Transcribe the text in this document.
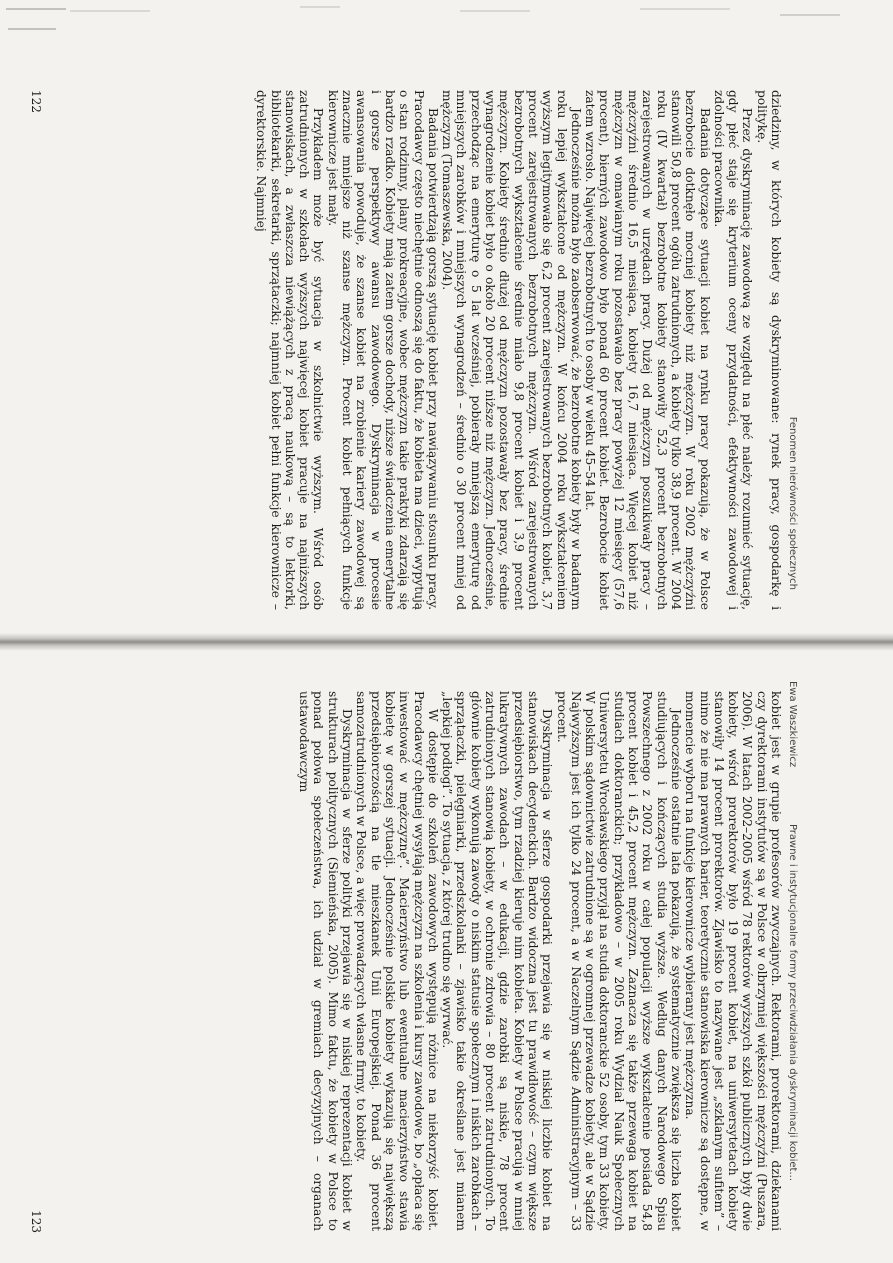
Fenomen nierówności społecznych

dziedziny, w których kobiety są dyskryminowane: rynek pracy, gospodarkę i politykę.

Przez dyskryminację zawodową ze względu na płeć należy rozumieć sytuację, gdy płeć staje się kryterium oceny przydatności, efektywności zawodowej i zdolności pracownika.

Badania dotyczące sytuacji kobiet na rynku pracy pokazują, że w Polsce bezrobocie dotknęło mocniej kobiety niż mężczyzn. W roku 2002 mężczyźni stanowili 50,8 procent ogółu zatrudnionych, a kobiety tylko 38,9 procent. W 2004 roku (IV kwartał) bezrobotne kobiety stanowiły 52,3 procent bezrobotnych zarejestrowanych w urzędach pracy. Dużej od mężczyzn poszukiwały pracy – mężczyźni średnio 16,5 miesiąca, kobiety 16,7 miesiąca. Więcej kobiet niż mężczyzn w omawianym roku pozostawało bez pracy powyżej 12 miesięcy (57,6 procent), bierných zawodowo było ponad 60 procent kobiet. Bezrobocie kobiet zatem wzrosło. Najwięcej bezrobotnych to osoby w wieku 45–54 lat.

Jednocześnie można było zaobserwować, że bezrobotne kobiety były w badanym roku lepiej wykształcone od mężczyzn. W końcu 2004 roku wykształceniem wyższym legitymowało się 6,2 procent zarejestrowanych bezrobotnych kobiet, 3,7 procent zarejestrowanych bezrobotnych mężczyzn. Wśród zarejestrowanych bezrobotnych wykształcenie średnie miało 9,8 procent kobiet i 3,9 procent mężczyzn. Kobiety średnio dłużej od mężczyzn pozostawały bez pracy, średnie wynagrodzenie kobiet było o około 20 procent niższe niż mężczyzn. Jednocześnie, przechodząc na emeryturę o 5 lat wcześniej, pobierały mniejszą emeryturę od mniejszych zarobków i mniejszych wynagrodzeń – średnio o 30 procent mniej od mężczyzn (Tomaszewska, 2004).

Badania potwierdzają gorszą sytuację kobiet przy nawiązywaniu stosunku pracy. Pracodawcy często niechętnie odnoszą się do faktu, że kobieta ma dzieci, wypytują o stan rodzinny, plany prokreacyjne, wobec mężczyzn takie praktyki zdarzają się bardzo rzadko. Kobiety mają zatem gorsze dochody, niższe świadczenia emerytalne i gorsze perspektywy awansu zawodowego. Dyskryminacja w procesie awansowania powoduje, że szanse kobiet na zrobienie kariery zawodowej są znacznie mniejsze niż szanse mężczyzn. Procent kobiet pełniących funkcje kierownicze jest mały.

Przykładem może być sytuacja w szkolnictwie wyższym. Wśród osób zatrudnionych w szkołach wyższych najwięcej kobiet pracuje na najniższych stanowiskach, a zwłaszcza niewiążących z pracą naukową – są to lektorki, bibliotekarki, sekretarki, sprzątaczki; najmniej kobiet pełni funkcje kierownicze – dyrektorskie. Najmniej

122
Ewa Waszkiewicz
Prawne i instytucjonalne formy przeciwdziałania dyskryminacji kobiet...

kobiet jest w grupie profesorów zwyczajnych. Rektorami, prorektorami, dziekanami czy dyrektorami instytutów są w Polsce w olbrzymiej większości mężczyźni (Puszara, 2006). W latach 2002–2005 wśród 78 rektorów wyższych szkół publicznych były dwie kobiety, wśród prorektorów było 19 procent kobiet, na uniwersytetach kobiety stanowiły 14 procent prorektorów. Zjawisko to nazywane jest „szklanym sufitem” – mimo że nie ma prawnych barier, teoretycznie stanowiska kierownicze są dostępne, w momencie wyboru na funkcje kierownicze wybierany jest mężczyzna.

Jednocześnie ostatnie lata pokazują, że systematycznie zwiększa się liczba kobiet studiujących i kończących studia wyższe. Według danych Narodowego Spisu Powszechnego z 2002 roku w całej populacji wyższe wykształcenie posiada 54,8 procent kobiet i 45,2 procent mężczyzn. Zaznacza się także przewaga kobiet na studiach doktoranckich; przykładowo – w 2005 roku Wydział Nauk Społecznych Uniwersytetu Wrocławskiego przyjął na studia doktoranckie 52 osoby, tym 33 kobiety. W polskim sądownictwie zatrudnione są w ogromnej przewadze kobiety, ale w Sądzie Najwyższym jest ich tylko 24 procent, a w Naczelnym Sądzie Administracyjnym – 33 procent.

Dyskryminacja w sferze gospodarki przejawia się w niskiej liczbie kobiet na stanowiskach decydenckich. Bardzo widoczna jest tu prawidłowość – czym większe przedsiębiorstwo, tym rzadziej kieruje nim kobieta. Kobiety w Polsce pracują w mniej lukratywnych zawodach – w edukacji, gdzie zarobki są niskie, 78 procent zatrudnionych stanowią kobiety, w ochronie zdrowia – 80 procent zatrudnionych. To głównie kobiety wykonują zawody o niskim statusie społecznym i niskich zarobkach – sprzątaczki, pielęgniarki, przedszkolanki – zjawisko takie określane jest mianem „lepkiej podłogi”. To sytuacja, z której trudno się wyrwać.

W dostępie do szkoleń zawodowych występują różnice na niekorzyść kobiet. Pracodawcy chętniej wysyłają mężczyzn na szkolenia i kursy zawodowe, bo „opłaca się inwestować w mężczyznę”. Macierzyństwo lub ewentualne macierzyństwo stawia kobietę w gorszej sytuacji. Jednocześnie polskie kobiety wykazują się największą przedsiębiorczością na tle mieszkanek Unii Europejskiej. Ponad 36 procent samozatrudnionych w Polsce, a więc prowadzących własne firmy, to kobiety.

Dyskryminacja w sferze polityki przejawia się w niskiej reprezentacji kobiet w strukturach politycznych (Siemieńska, 2005). Mimo faktu, że kobiety w Polsce to ponad połowa społeczeństwa, ich udział w gremiach decyzyjnych – organach ustawodawczym

123
